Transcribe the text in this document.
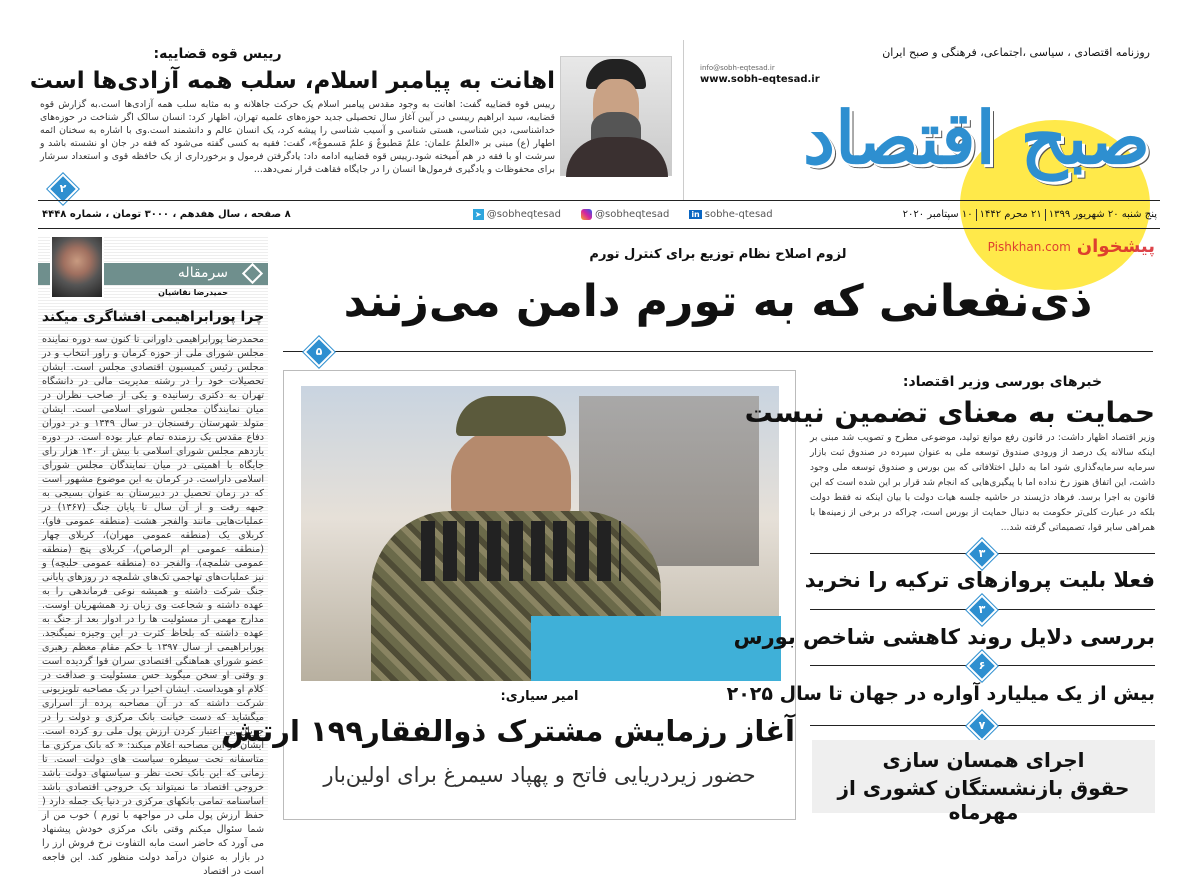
رییس قوه قضاییه:
اهانت به پیامبر اسلام، سلب همه آزادی‌ها است
رییس قوه قضاییه گفت: اهانت به وجود مقدس پیامبر اسلام یک حرکت جاهلانه و به مثابه سلب همه آزادی‌ها است.به گزارش قوه قضاییه، سید ابراهیم رییسی در آیین آغاز سال تحصیلی جدید حوزه‌های علمیه تهران، اظهار کرد: انسان سالک اگر شناخت در حوزه‌های خداشناسی، دین شناسی، هستی شناسی و آسیب شناسی را پیشه کرد، یک انسان عالم و دانشمند است.وی با اشاره به سخنان ائمه اطهار (ع) مبنی بر «العلمُ علمان: علمٌ مَطبوعٌ وَ علمٌ مَسموعٌ»، گفت: فقیه به کسی گفته می‌شود که فقه در جان او نشسته باشد و سرشت او با فقه در هم آمیخته شود.رییس قوه قضاییه ادامه داد: یادگرفتن فرمول و برخورداری از یک حافظه قوی و استعداد سرشار برای محفوظات و یادگیری فرمول‌ها انسان را در جایگاه فقاهت قرار نمی‌دهد...
۲
روزنامه اقتصادی ، سیاسی ،اجتماعی، فرهنگی و صبح ایران
info@sobh-eqtesad.ir
www.sobh-eqtesad.ir
صبح اقتصاد
پنج شنبه ۲۰ شهریور ۱۳۹۹
۲۱ محرم ۱۴۴۲
۱۰ سپتامبر ۲۰۲۰
in sobhe-qtesad
@sobheqtesad
➤ @sobheqtesad
۸ صفحه ، سال هفدهم ، ۳۰۰۰ تومان ، شماره ۴۴۴۸
سرمقاله
حمیدرضا نقاشیان
چرا پورابراهیمی افشاگری میکند
محمدرضا پورابراهیمی داورانی تا کنون سه دوره نماینده مجلس شورای ملی از حوزه کرمان و راور انتخاب و در مجلس رئیس کمیسیون اقتصادی مجلس است. ایشان تحصیلات خود را در رشته مدیریت مالی در دانشگاه تهران به دکتری رسانیده و یکی از صاحب نظران در میان نمایندگان مجلس شورای اسلامی است. ایشان متولد شهرستان رفسنجان در سال ۱۳۴۹ و در دوران دفاع مقدس یک رزمنده تمام عیار بوده است. در دوره یازدهم مجلس شورای اسلامی با بیش از ۱۳۰ هزار رای جایگاه با اهمیتی در میان نمایندگان مجلس شورای اسلامی داراست. در کرمان به این موضوع مشهور است که در زمان تحصیل در دبیرستان به عنوان بسیجی به جبهه رفت و از آن سال تا پایان جنگ (۱۳۶۷) در عملیات‌هایی مانند والفجر هشت (منطقه عمومی فاو)، کربلای یک (منطقه عمومی مهران)، کربلای چهار (منطقه عمومی ام الرصاص)، کربلای پنج (منطقه عمومی شلمچه)، والفجر ده (منطقه عمومی حلبچه) و نیز عملیات‌های تهاجمی تک‌های شلمچه در روزهای پایانی جنگ شرکت داشته و همیشه نوعی فرماندهی را به عهده داشته و شجاعت وی زبان زد همشهریان اوست. مدارج مهمی از مسئولیت ها را در ادوار بعد از جنگ به عهده داشته که بلحاظ کثرت در این وجیزه نمیگنجد. پورابراهیمی از سال ۱۳۹۷ با حکم مقام معظم رهبری عضو شورای هماهنگی اقتصادی سران قوا گردیده است و وقتی او سخن میگوید حس مسئولیت و صداقت در کلام او هویداست. ایشان اخیرا در یک مصاحبه تلویزیونی شرکت داشته که در آن مصاحبه پرده از اسراری میگشاید که دست خیانت بانک مرکزی و دولت را در جریان بی اعتبار کردن ارزش پول ملی رو کرده است. ایشان در این مصاحبه اعلام میکند: « که بانک مرکزی ما متاسفانه تحت سیطره سیاست های دولت است. تا زمانی که این بانک تحت نظر و سیاستهای دولت باشد خروجی اقتصاد ما نمیتواند یک خروجی اقتصادی باشد اساسنامه تمامی بانکهای مرکزی در دنیا یک جمله دارد ( حفظ ارزش پول ملی در مواجهه با تورم ) خوب من از شما سئوال میکنم وقتی بانک مرکزی خودش پیشنهاد می آورد که حاضر است مابه التفاوت نرخ فروش ارز را در بازار به عنوان درآمد دولت منظور کند. این فاجعه است در اقتصاد
لزوم اصلاح نظام توزیع برای کنترل تورم	پیشخوان
Pishkhan.com
ذی‌نفعانی که به تورم دامن می‌زنند
۵
امیر سیاری:
آغاز رزمایش مشترک ذوالفقار۱۹۹ ارتش
حضور زیردریایی فاتح و پهپاد سیمرغ برای اولین‌بار
خبرهای بورسی وزیر اقتصاد:
حمایت به معنای تضمین نیست
وزیر اقتصاد اظهار داشت: در قانون رفع موانع تولید، موضوعی مطرح و تصویب شد مبنی بر اینکه سالانه یک درصد از ورودی صندوق توسعه ملی به عنوان سپرده در صندوق ثبت بازار سرمایه سرمایه‌گذاری شود اما به دلیل اختلافاتی که بین بورس و صندوق توسعه ملی وجود داشت، این اتفاق هنوز رخ نداده اما با پیگیری‌هایی که انجام شد قرار بر این شده است که این قانون به اجرا برسد. فرهاد دژپسند در حاشیه جلسه هیات دولت با بیان اینکه نه فقط دولت بلکه در عبارت کلی‌تر حکومت به دنبال حمایت از بورس است، چراکه در برخی از زمینه‌ها با همراهی سایر قوا، تصمیماتی گرفته شد...
۳
فعلا بلیت پروازهای ترکیه را نخرید
۳
بررسی دلایل روند کاهشی شاخص بورس
۶
بیش از یک میلیارد آواره در جهان تا سال ۲۰۲۵
۷
اجرای همسان سازی
حقوق بازنشستگان کشوری از مهرماه
